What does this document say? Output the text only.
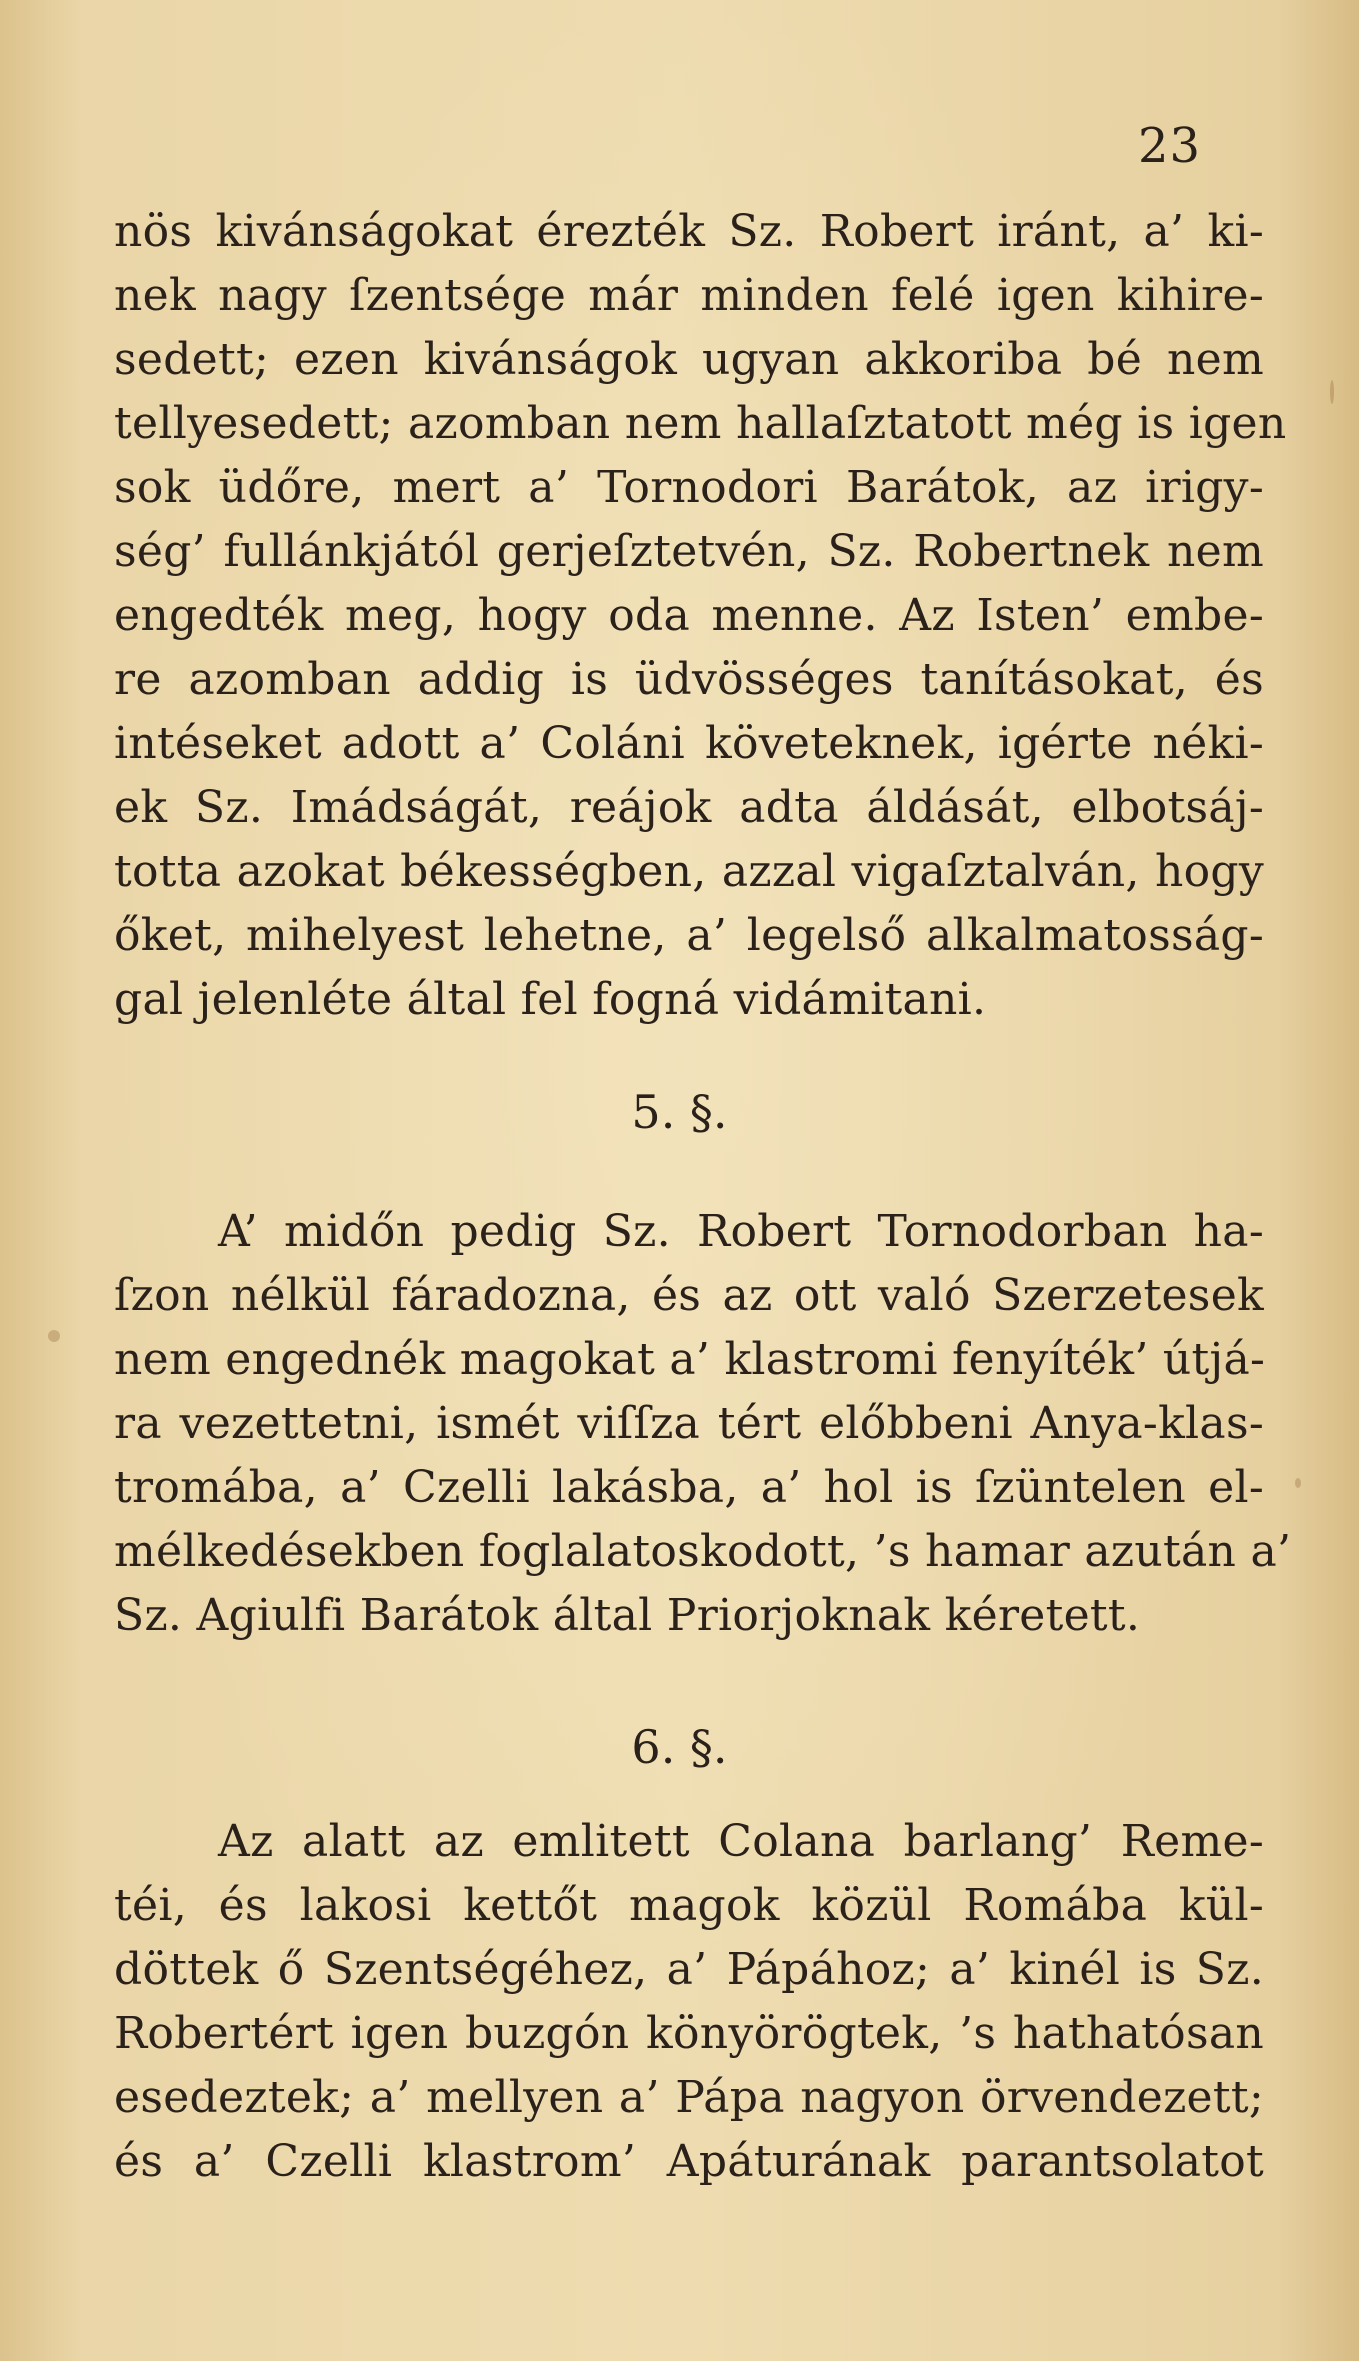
23
nös kivánságokat érezték Sz. Robert iránt, a’ ki-
nek nagy ſzentsége már minden felé igen kihire-
sedett; ezen kivánságok ugyan akkoriba bé nem
tellyesedett; azomban nem hallaſztatott még is igen
sok üdőre, mert a’ Tornodori Barátok, az irigy-
ség’ fullánkjától gerjeſztetvén, Sz. Robertnek nem
engedték meg, hogy oda menne. Az Isten’ embe-
re azomban addig is üdvösséges tanításokat, és
intéseket adott a’ Coláni követeknek, igérte néki-
ek Sz. Imádságát, reájok adta áldását, elbotsáj-
totta azokat békességben, azzal vigaſztalván, hogy
őket, mihelyest lehetne, a’ legelső alkalmatosság-
gal jelenléte által fel fogná vidámitani.
5. §.
A’ midőn pedig Sz. Robert Tornodorban ha-
ſzon nélkül fáradozna, és az ott való Szerzetesek
nem engednék magokat a’ klastromi fenyíték’ útjá-
ra vezettetni, ismét viſſza tért előbbeni Anya-klas-
tromába, a’ Czelli lakásba, a’ hol is ſzüntelen el-
mélkedésekben foglalatoskodott, ’s hamar azután a’
Sz. Agiulfi Barátok által Priorjoknak kéretett.
6. §.
Az alatt az emlitett Colana barlang’ Reme-
téi, és lakosi kettőt magok közül Romába kül-
döttek ő Szentségéhez, a’ Pápához; a’ kinél is Sz.
Robertért igen buzgón könyörögtek, ’s hathatósan
esedeztek; a’ mellyen a’ Pápa nagyon örvendezett;
és a’ Czelli klastrom’ Apáturának parantsolatot
